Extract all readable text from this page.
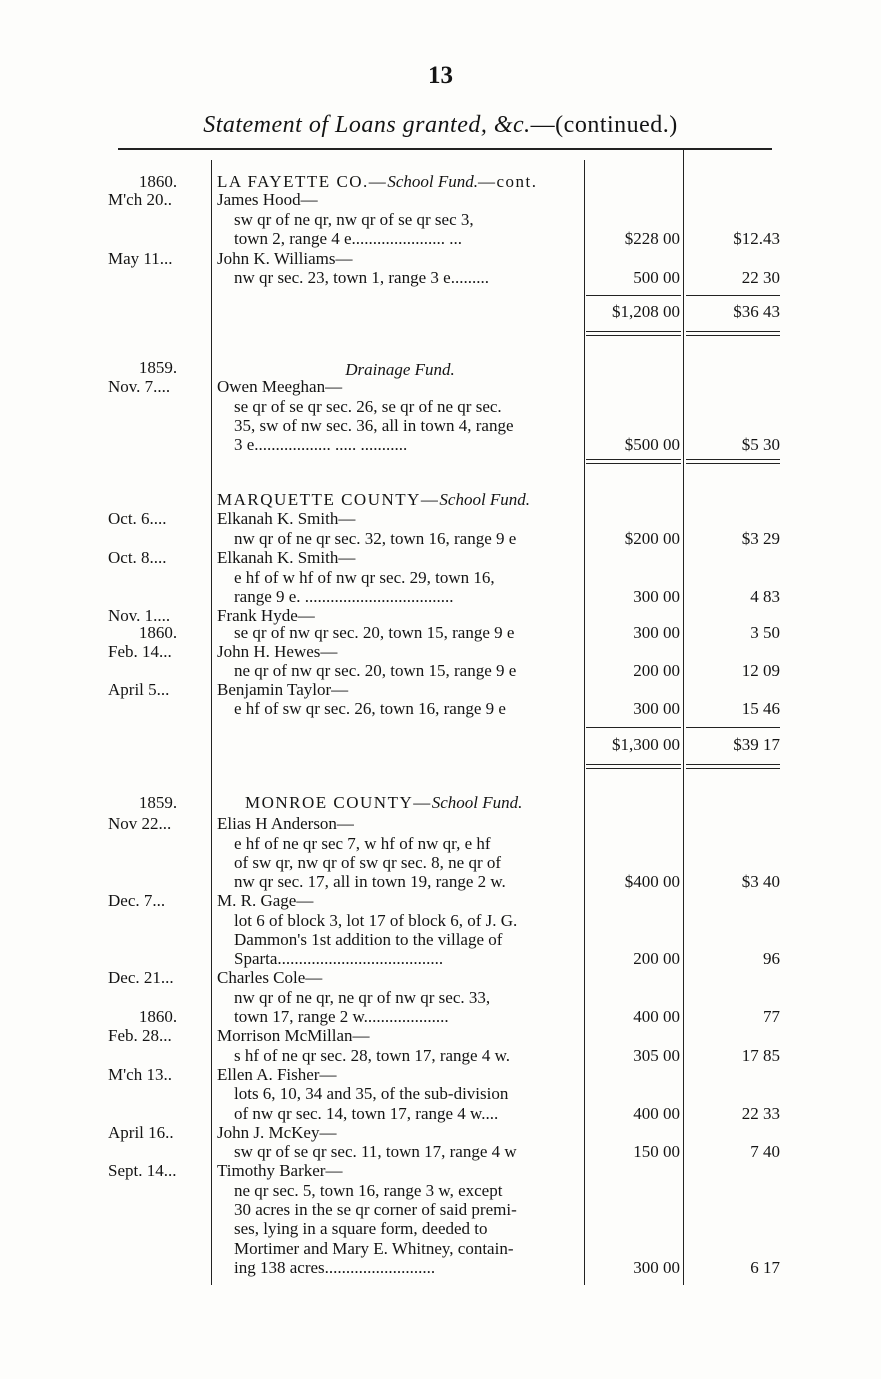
13
Statement of Loans granted, &c.—(continued.)
1860.	LA FAYETTE CO.—School Fund.—cont.
M'ch 20..	James Hood—
sw qr of ne qr, nw qr of se qr sec 3,
town 2, range 4 e...................... ...	$228 00	$12.43
May 11...	John K. Williams—
nw qr sec. 23, town 1, range 3 e.........	500 00	22 30
$1,208 00	$36 43
Drainage Fund.
1859.
Nov. 7....	Owen Meeghan—
se qr of se qr sec. 26, se qr of ne qr sec.
35, sw of nw sec. 36, all in town 4, range
3 e.................. ..... ...........	$500 00	$5 30
MARQUETTE COUNTY—School Fund.
Oct. 6....	Elkanah K. Smith—
nw qr of ne qr sec. 32, town 16, range 9 e	$200 00	$3 29
Oct. 8....	Elkanah K. Smith—
e hf of w hf of nw qr sec. 29, town 16,
range 9 e. ...................................	300 00	4 83
Nov. 1....	Frank Hyde—
1860.	se qr of nw qr sec. 20, town 15, range 9 e	300 00	3 50
Feb. 14...	John H. Hewes—
ne qr of nw qr sec. 20, town 15, range 9 e	200 00	12 09
April 5...	Benjamin Taylor—
e hf of sw qr sec. 26, town 16, range 9 e	300 00	15 46
$1,300 00	$39 17
1859.	MONROE COUNTY—School Fund.
Nov 22...	Elias H Anderson—
e hf of ne qr sec 7, w hf of nw qr, e hf
of sw qr, nw qr of sw qr sec. 8, ne qr of
nw qr sec. 17, all in town 19, range 2 w.	$400 00	$3 40
Dec. 7...	M. R. Gage—
lot 6 of block 3, lot 17 of block 6, of J. G.
Dammon's 1st addition to the village of
Sparta.......................................	200 00	96
Dec. 21...	Charles Cole—
nw qr of ne qr, ne qr of nw qr sec. 33,
1860.	town 17, range 2 w....................	400 00	77
Feb. 28...	Morrison McMillan—
s hf of ne qr sec. 28, town 17, range 4 w.	305 00	17 85
M'ch 13..	Ellen A. Fisher—
lots 6, 10, 34 and 35, of the sub-division
of nw qr sec. 14, town 17, range 4 w....	400 00	22 33
April 16..	John J. McKey—
sw qr of se qr sec. 11, town 17, range 4 w	150 00	7 40
Sept. 14...	Timothy Barker—
ne qr sec. 5, town 16, range 3 w, except
30 acres in the se qr corner of said premi-
ses, lying in a square form, deeded to
Mortimer and Mary E. Whitney, contain-
ing 138 acres..........................	300 00	6 17
